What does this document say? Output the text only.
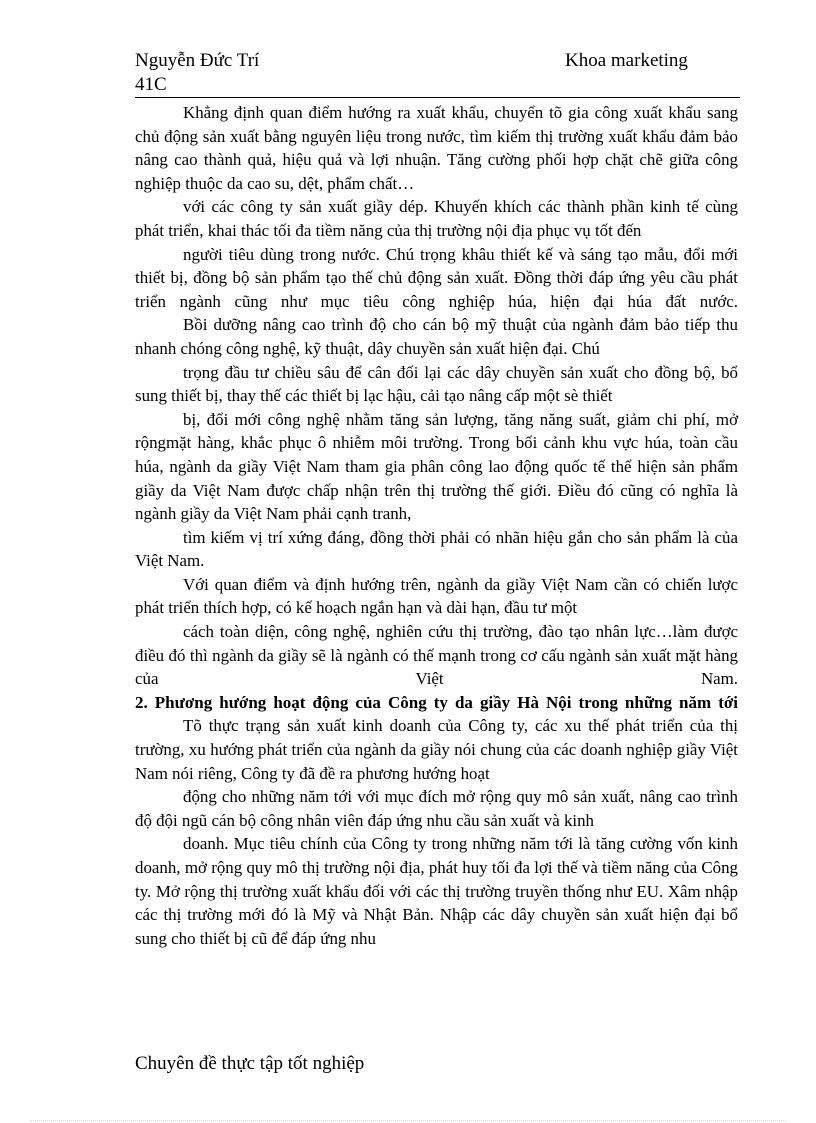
Nguyễn Đức Trí	Khoa marketing
41C

Khẳng định quan điểm hướng ra xuất khẩu, chuyển tõ gia công xuất khẩu sang chủ động sản xuất bằng nguyên liệu trong nước, tìm kiếm thị trường xuất khẩu đảm bảo nâng cao thành quả, hiệu quả và lợi nhuận. Tăng cường phối hợp chặt chẽ giữa công nghiệp thuộc da cao su, dệt, phẩm chất…

với các công ty sản xuất giầy dép. Khuyến khích các thành phần kinh tế cùng phát triển, khai thác tối đa tiềm năng của thị trường nội địa phục vụ tốt đến

người tiêu dùng trong nước. Chú trọng khâu thiết kế và sáng tạo mẫu, đổi mới thiết bị, đồng bộ sản phẩm tạo thế chủ động sản xuất. Đồng thời đáp ứng yêu cầu phát triển ngành cũng như mục tiêu công nghiệp húa, hiện đại húa đất nước.

Bồi dưỡng nâng cao trình độ cho cán bộ mỹ thuật của ngành đảm bảo tiếp thu nhanh chóng công nghệ, kỹ thuật, dây chuyền sản xuất hiện đại. Chú

trọng đầu tư chiều sâu để cân đối lại các dây chuyền sản xuất cho đồng bộ, bổ sung thiết bị, thay thế các thiết bị lạc hậu, cải tạo nâng cấp một sè thiết

bị, đổi mới công nghệ nhằm tăng sản lượng, tăng năng suất, giảm chi phí, mở rộngmặt hàng, khắc phục ô nhiễm môi trường. Trong bối cảnh khu vực húa, toàn cầu húa, ngành da giầy Việt Nam tham gia phân công lao động quốc tế thể hiện sản phẩm giầy da Việt Nam được chấp nhận trên thị trường thế giới. Điều đó cũng có nghĩa là ngành giầy da Việt Nam phải cạnh tranh,

tìm kiếm vị trí xứng đáng, đồng thời phải có nhãn hiệu gắn cho sản phẩm là của Việt Nam.

Với quan điểm và định hướng trên, ngành da giầy Việt Nam cần có chiến lược phát triển thích hợp, có kế hoạch ngắn hạn và dài hạn, đầu tư một

cách toàn diện, công nghệ, nghiên cứu thị trường, đào tạo nhân lực…làm được điều đó thì ngành da giầy sẽ là ngành có thế mạnh trong cơ cấu ngành sản xuất mặt hàng của Việt Nam.

2. Phương hướng hoạt động của Công ty da giầy Hà Nội trong những năm tới

Tõ thực trạng sản xuất kinh doanh của Công ty, các xu thế phát triển của thị trường, xu hướng phát triển của ngành da giầy nói chung của các doanh nghiệp giầy Việt Nam nói riêng, Công ty đã đề ra phương hướng hoạt

động cho những năm tới với mục đích mở rộng quy mô sản xuất, nâng cao trình độ đội ngũ cán bộ công nhân viên đáp ứng nhu cầu sản xuất và kinh

doanh. Mục tiêu chính của Công ty trong những năm tới là tăng cường vốn kinh doanh, mở rộng quy mô thị trường nội địa, phát huy tối đa lợi thế và tiềm năng của Công ty. Mở rộng thị trường xuất khẩu đối với các thị trường truyền thống như EU. Xâm nhập các thị trường mới đó là Mỹ và Nhật Bản. Nhập các dây chuyền sản xuất hiện đại bổ sung cho thiết bị cũ để đáp ứng nhu

Chuyên đề thực tập tốt nghiệp
